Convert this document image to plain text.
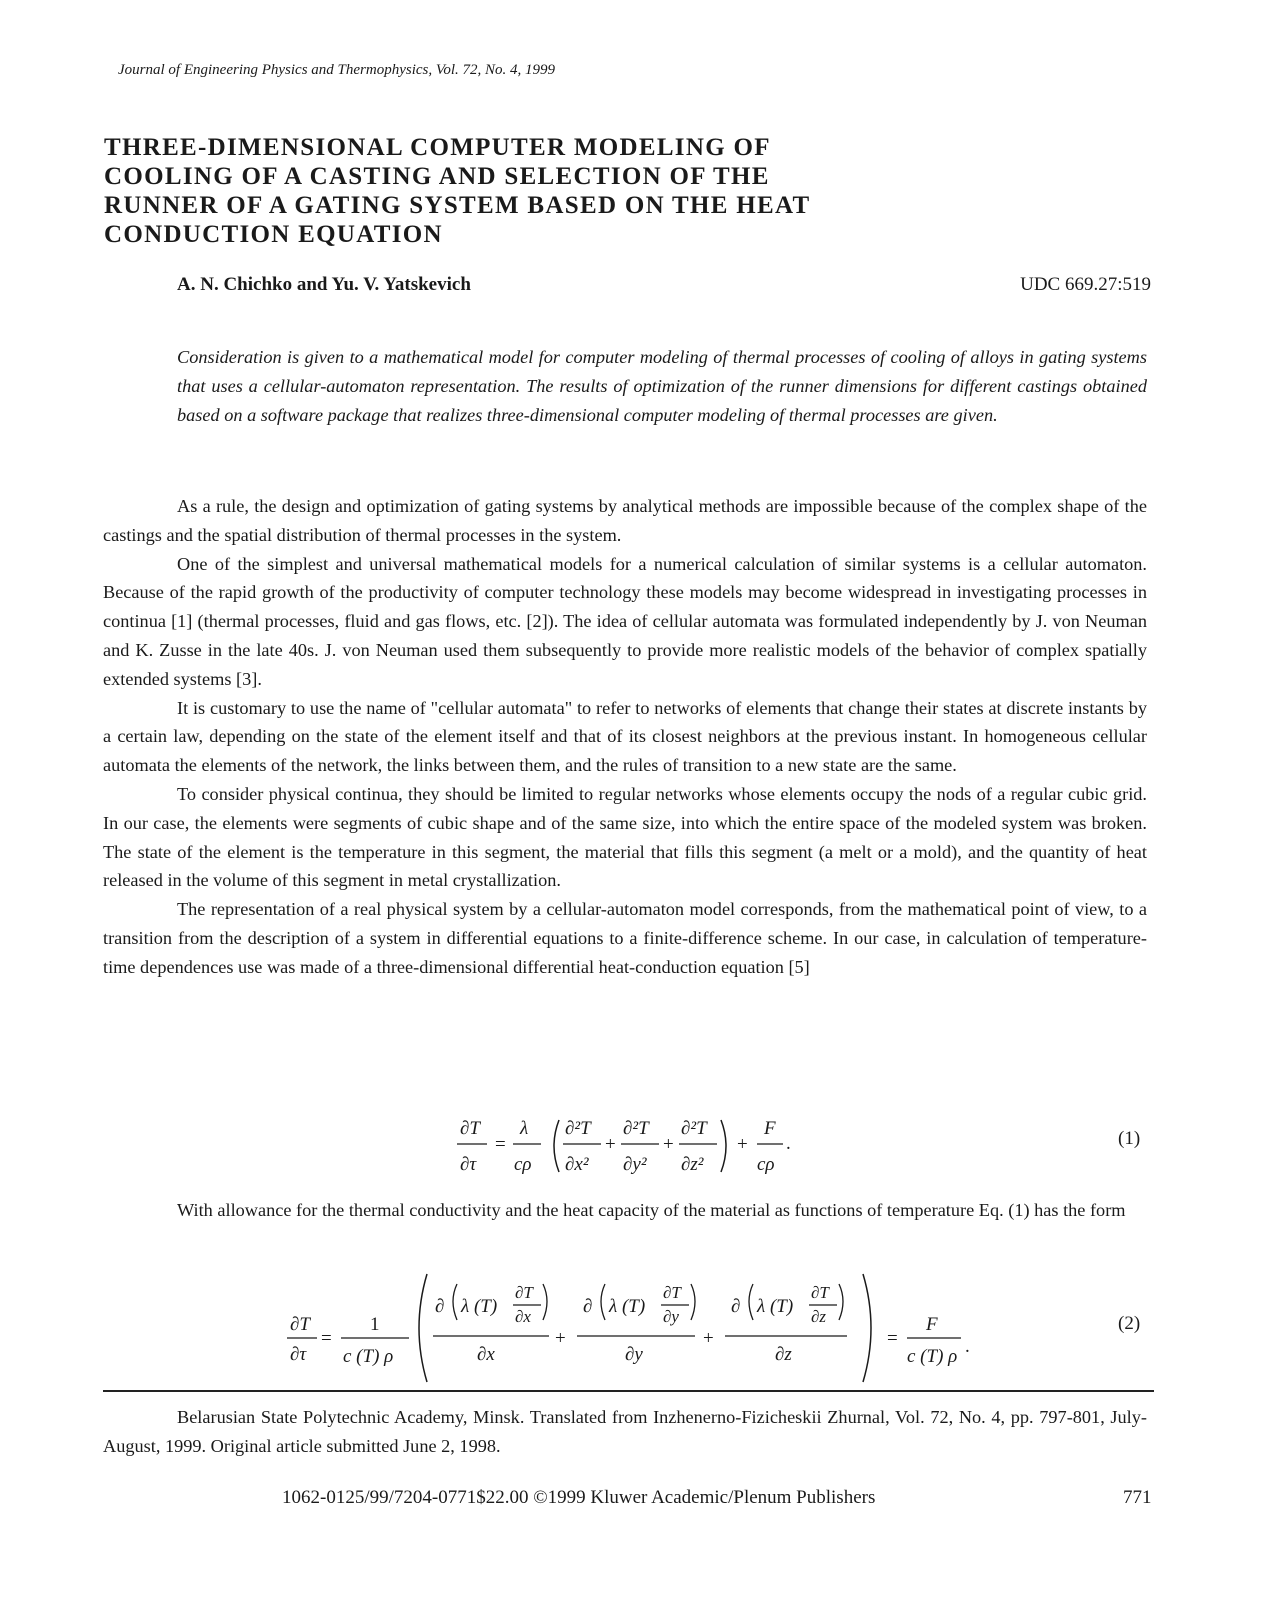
Journal of Engineering Physics and Thermophysics, Vol. 72, No. 4, 1999
THREE-DIMENSIONAL COMPUTER MODELING OF COOLING OF A CASTING AND SELECTION OF THE RUNNER OF A GATING SYSTEM BASED ON THE HEAT CONDUCTION EQUATION
A. N. Chichko and Yu. V. Yatskevich	UDC 669.27:519
Consideration is given to a mathematical model for computer modeling of thermal processes of cooling of alloys in gating systems that uses a cellular-automaton representation. The results of optimization of the runner dimensions for different castings obtained based on a software package that realizes three-dimensional computer modeling of thermal processes are given.

As a rule, the design and optimization of gating systems by analytical methods are impossible because of the complex shape of the castings and the spatial distribution of thermal processes in the system.

One of the simplest and universal mathematical models for a numerical calculation of similar systems is a cellular automaton. Because of the rapid growth of the productivity of computer technology these models may become widespread in investigating processes in continua [1] (thermal processes, fluid and gas flows, etc. [2]). The idea of cellular automata was formulated independently by J. von Neuman and K. Zusse in the late 40s. J. von Neuman used them subsequently to provide more realistic models of the behavior of complex spatially extended systems [3].

It is customary to use the name of "cellular automata" to refer to networks of elements that change their states at discrete instants by a certain law, depending on the state of the element itself and that of its closest neighbors at the previous instant. In homogeneous cellular automata the elements of the network, the links between them, and the rules of transition to a new state are the same.

To consider physical continua, they should be limited to regular networks whose elements occupy the nods of a regular cubic grid. In our case, the elements were segments of cubic shape and of the same size, into which the entire space of the modeled system was broken. The state of the element is the temperature in this segment, the material that fills this segment (a melt or a mold), and the quantity of heat released in the volume of this segment in metal crystallization.

The representation of a real physical system by a cellular-automaton model corresponds, from the mathematical point of view, to a transition from the description of a system in differential equations to a finite-difference scheme. In our case, in calculation of temperature-time dependences use was made of a three-dimensional differential heat-conduction equation [5]

∂T
∂τ
=
λ
cρ
∂²T
∂x²
+
∂²T
∂y²
+
∂²T
∂z²
+
F
cρ
.	(1)

With allowance for the thermal conductivity and the heat capacity of the material as functions of temperature Eq. (1) has the form

∂T
∂τ
=
1
c (T) ρ
∂ λ (T)
∂T
∂x
∂x
+
∂ λ (T)
∂T
∂y
∂y
+
∂ λ (T)
∂T
∂z
∂z
=
F
c (T) ρ .
(2)

Belarusian State Polytechnic Academy, Minsk. Translated from Inzhenerno-Fizicheskii Zhurnal, Vol. 72, No. 4, pp. 797-801, July-August, 1999. Original article submitted June 2, 1998.

1062-0125/99/7204-0771$22.00 ©1999 Kluwer Academic/Plenum Publishers	771
